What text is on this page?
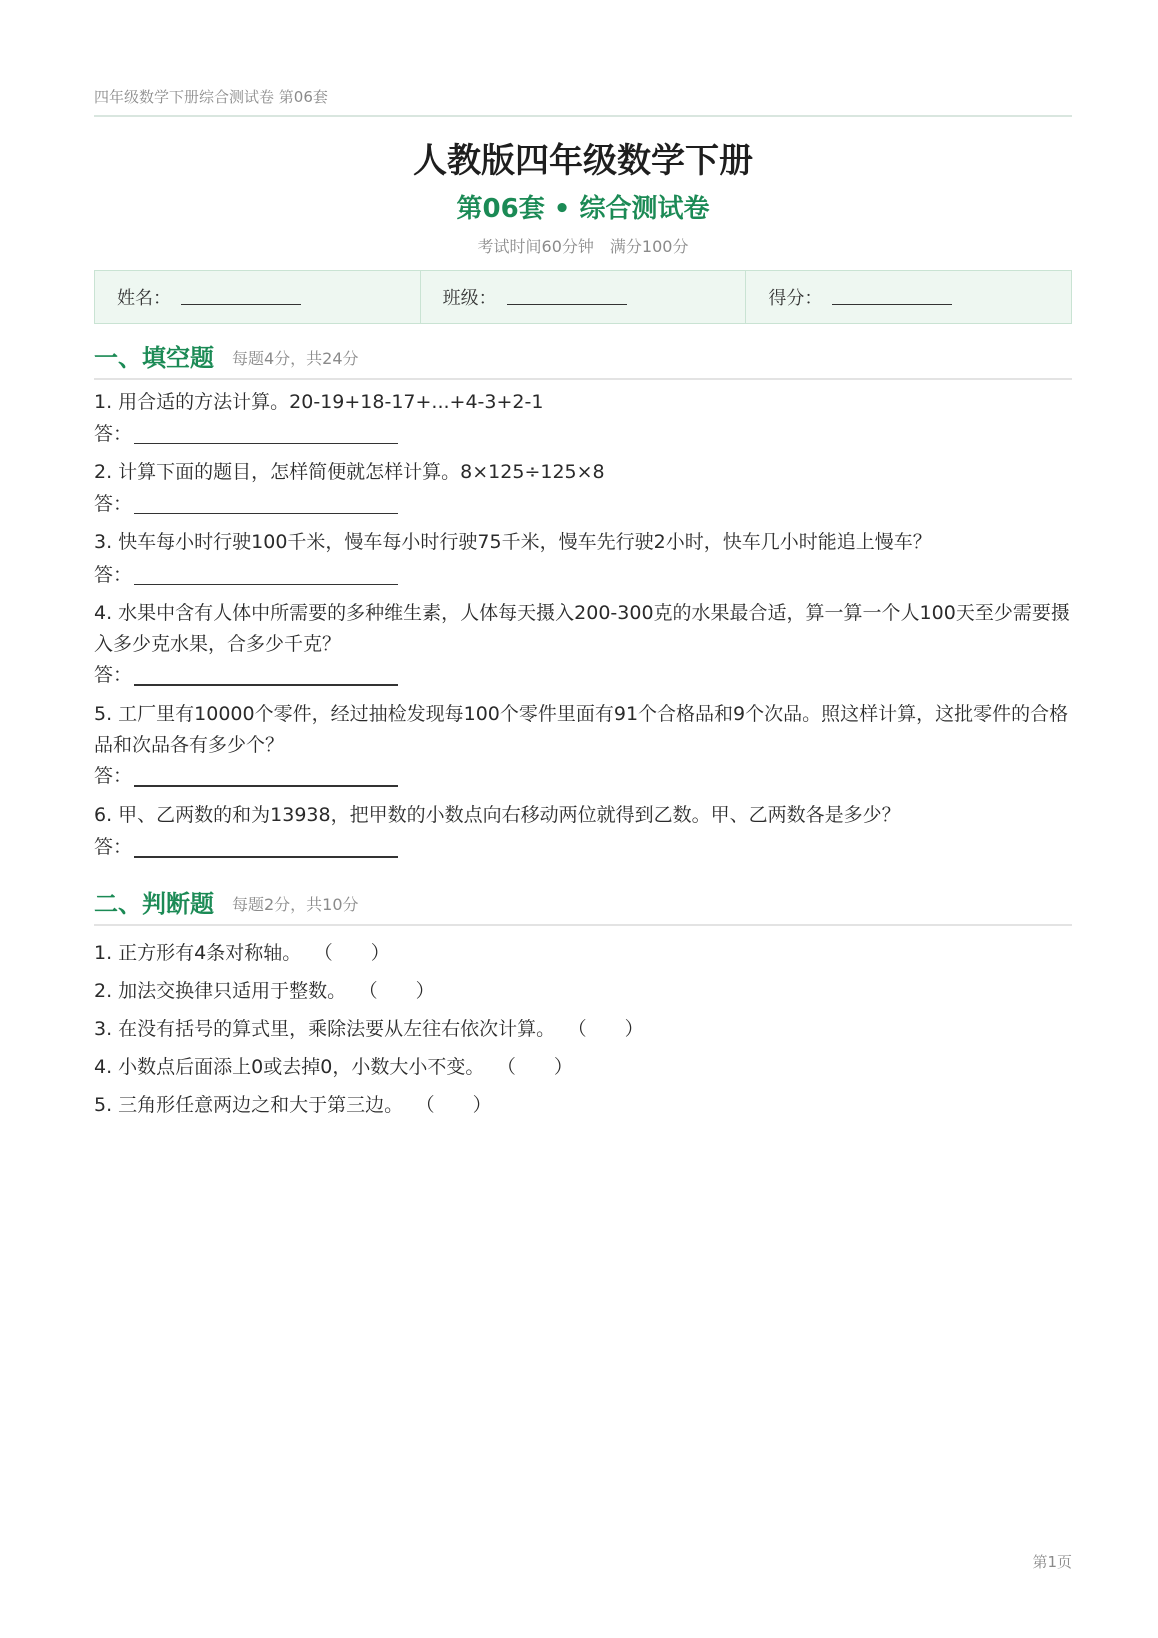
四年级数学下册综合测试卷 第06套
人教版四年级数学下册
第06套 • 综合测试卷
考试时间60分钟 满分100分
姓名：	班级：	得分：
一、填空题 每题4分，共24分
1. 用合适的方法计算。20-19+18-17+...+4-3+2-1
答：
2. 计算下面的题目，怎样简便就怎样计算。8×125÷125×8
答：
3. 快车每小时行驶100千米，慢车每小时行驶75千米，慢车先行驶2小时，快车几小时能追上慢车？
答：
4. 水果中含有人体中所需要的多种维生素，人体每天摄入200-300克的水果最合适，算一算一个人100天至少需要摄入多少克水果，合多少千克？
答：
5. 工厂里有10000个零件，经过抽检发现每100个零件里面有91个合格品和9个次品。照这样计算，这批零件的合格品和次品各有多少个？
答：
6. 甲、乙两数的和为13938，把甲数的小数点向右移动两位就得到乙数。甲、乙两数各是多少？
答：
二、判断题 每题2分，共10分
1. 正方形有4条对称轴。 （　　）
2. 加法交换律只适用于整数。 （　　）
3. 在没有括号的算式里，乘除法要从左往右依次计算。 （　　）
4. 小数点后面添上0或去掉0，小数大小不变。 （　　）
5. 三角形任意两边之和大于第三边。 （　　）
第1页
